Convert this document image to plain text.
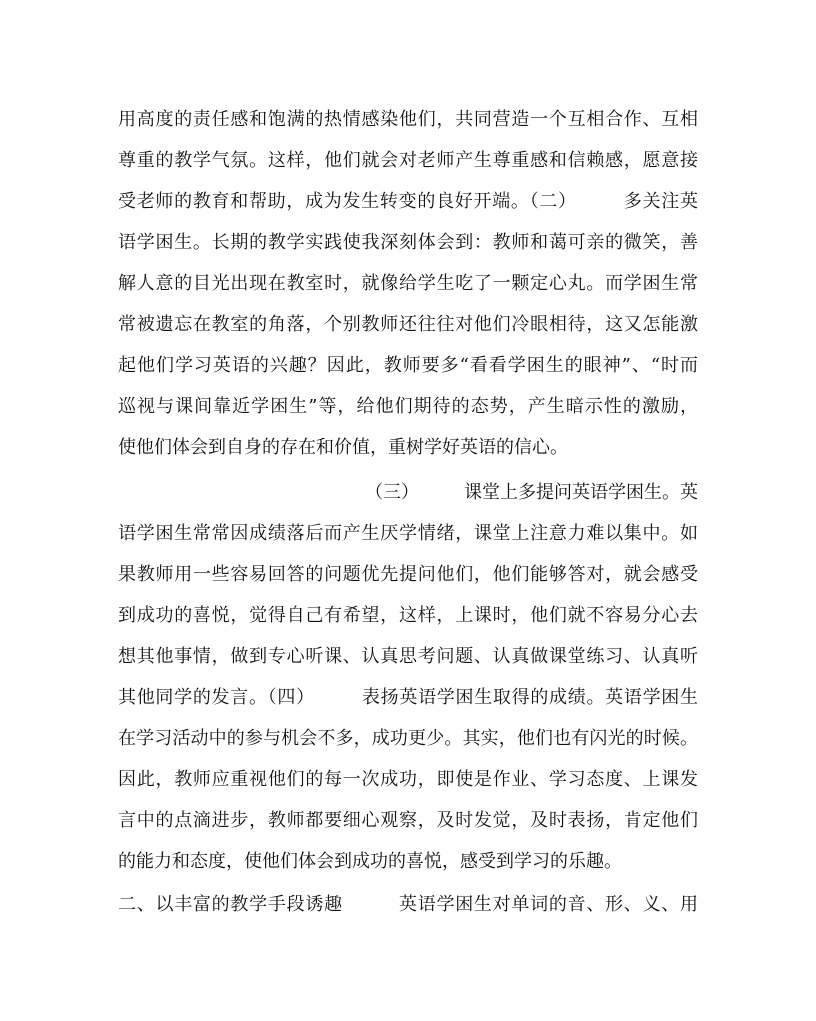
用高度的责任感和饱满的热情感染他们，共同营造一个互相合作、互相
尊重的教学气氛。这样，他们就会对老师产生尊重感和信赖感，愿意接
受老师的教育和帮助，成为发生转变的良好开端。（二）　　　多关注英
语学困生。长期的教学实践使我深刻体会到：教师和蔼可亲的微笑，善
解人意的目光出现在教室时，就像给学生吃了一颗定心丸。而学困生常
常被遗忘在教室的角落，个别教师还往往对他们冷眼相待，这又怎能激
起他们学习英语的兴趣？因此，教师要多“看看学困生的眼神”、“时而
巡视与课间靠近学困生”等，给他们期待的态势，产生暗示性的激励，
使他们体会到自身的存在和价值，重树学好英语的信心。
（三）　　　课堂上多提问英语学困生。英
语学困生常常因成绩落后而产生厌学情绪，课堂上注意力难以集中。如
果教师用一些容易回答的问题优先提问他们，他们能够答对，就会感受
到成功的喜悦，觉得自己有希望，这样，上课时，他们就不容易分心去
想其他事情，做到专心听课、认真思考问题、认真做课堂练习、认真听
其他同学的发言。（四）　　　表扬英语学困生取得的成绩。英语学困生
在学习活动中的参与机会不多，成功更少。其实，他们也有闪光的时候。
因此，教师应重视他们的每一次成功，即使是作业、学习态度、上课发
言中的点滴进步，教师都要细心观察，及时发觉，及时表扬，肯定他们
的能力和态度，使他们体会到成功的喜悦，感受到学习的乐趣。
二、以丰富的教学手段诱趣　　　英语学困生对单词的音、形、义、用
